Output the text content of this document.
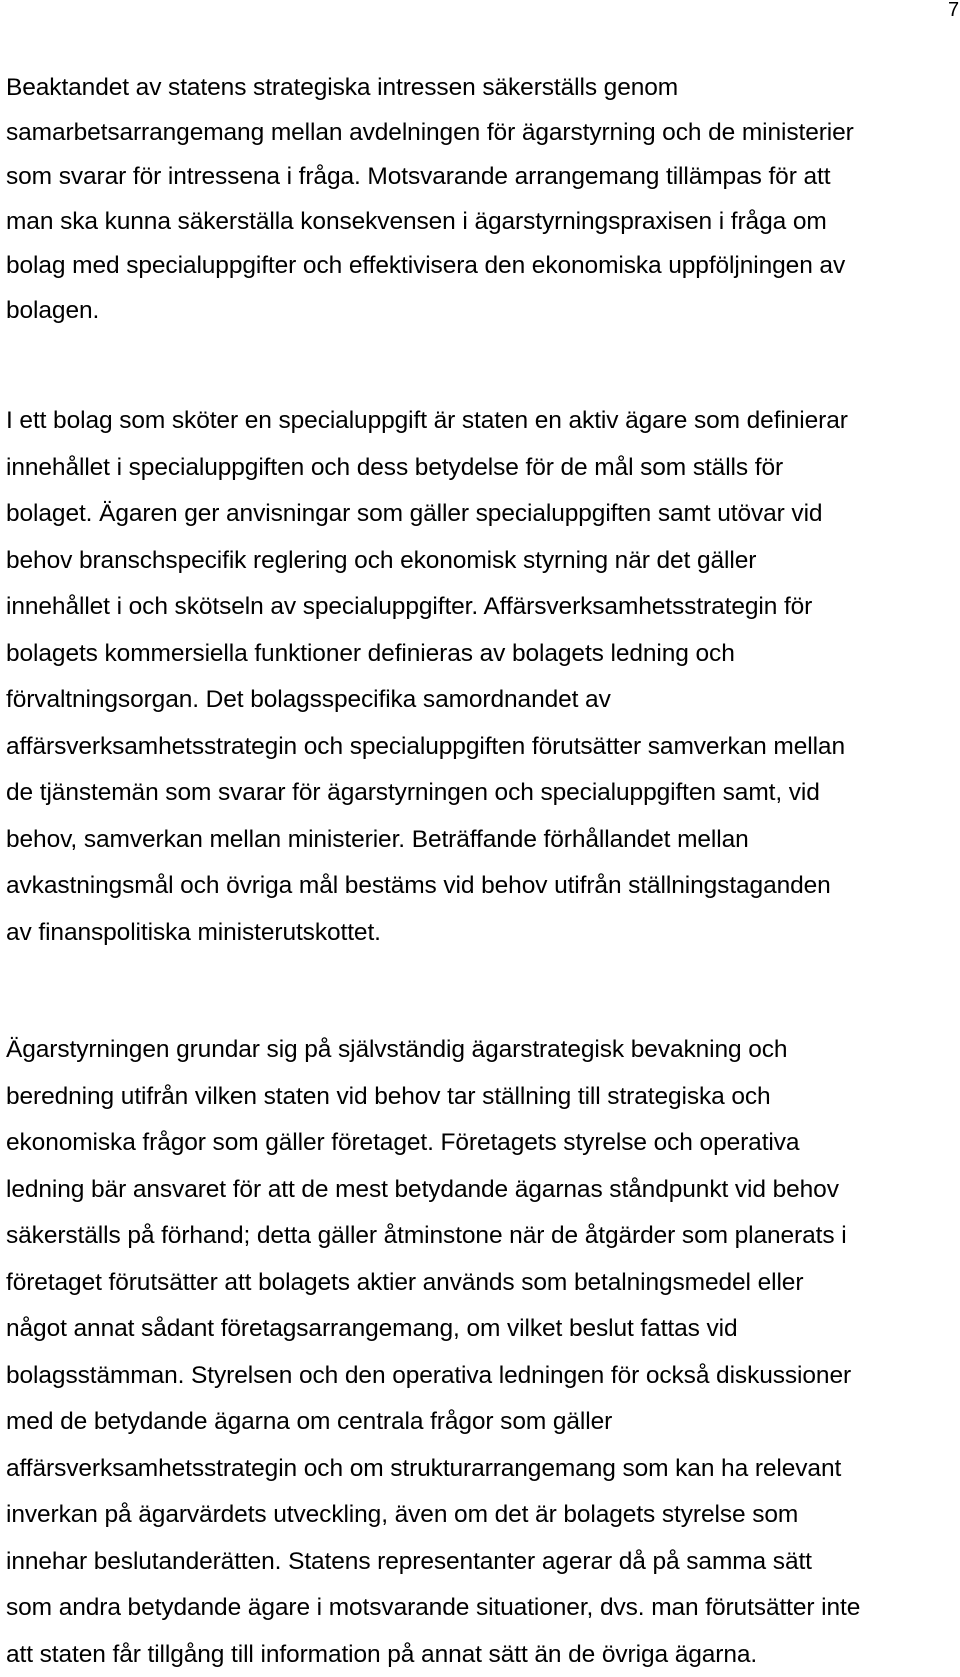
7
Beaktandet av statens strategiska intressen säkerställs genom
samarbetsarrangemang mellan avdelningen för ägarstyrning och de ministerier
som svarar för intressena i fråga. Motsvarande arrangemang tillämpas för att
man ska kunna säkerställa konsekvensen i ägarstyrningspraxisen i fråga om
bolag med specialuppgifter och effektivisera den ekonomiska uppföljningen av
bolagen.
I ett bolag som sköter en specialuppgift är staten en aktiv ägare som definierar
innehållet i specialuppgiften och dess betydelse för de mål som ställs för
bolaget. Ägaren ger anvisningar som gäller specialuppgiften samt utövar vid
behov branschspecifik reglering och ekonomisk styrning när det gäller
innehållet i och skötseln av specialuppgifter. Affärsverksamhetsstrategin för
bolagets kommersiella funktioner definieras av bolagets ledning och
förvaltningsorgan. Det bolagsspecifika samordnandet av
affärsverksamhetsstrategin och specialuppgiften förutsätter samverkan mellan
de tjänstemän som svarar för ägarstyrningen och specialuppgiften samt, vid
behov, samverkan mellan ministerier. Beträffande förhållandet mellan
avkastningsmål och övriga mål bestäms vid behov utifrån ställningstaganden
av finanspolitiska ministerutskottet.
Ägarstyrningen grundar sig på självständig ägarstrategisk bevakning och
beredning utifrån vilken staten vid behov tar ställning till strategiska och
ekonomiska frågor som gäller företaget. Företagets styrelse och operativa
ledning bär ansvaret för att de mest betydande ägarnas ståndpunkt vid behov
säkerställs på förhand; detta gäller åtminstone när de åtgärder som planerats i
företaget förutsätter att bolagets aktier används som betalningsmedel eller
något annat sådant företagsarrangemang, om vilket beslut fattas vid
bolagsstämman. Styrelsen och den operativa ledningen för också diskussioner
med de betydande ägarna om centrala frågor som gäller
affärsverksamhetsstrategin och om strukturarrangemang som kan ha relevant
inverkan på ägarvärdets utveckling, även om det är bolagets styrelse som
innehar beslutanderätten. Statens representanter agerar då på samma sätt
som andra betydande ägare i motsvarande situationer, dvs. man förutsätter inte
att staten får tillgång till information på annat sätt än de övriga ägarna.
